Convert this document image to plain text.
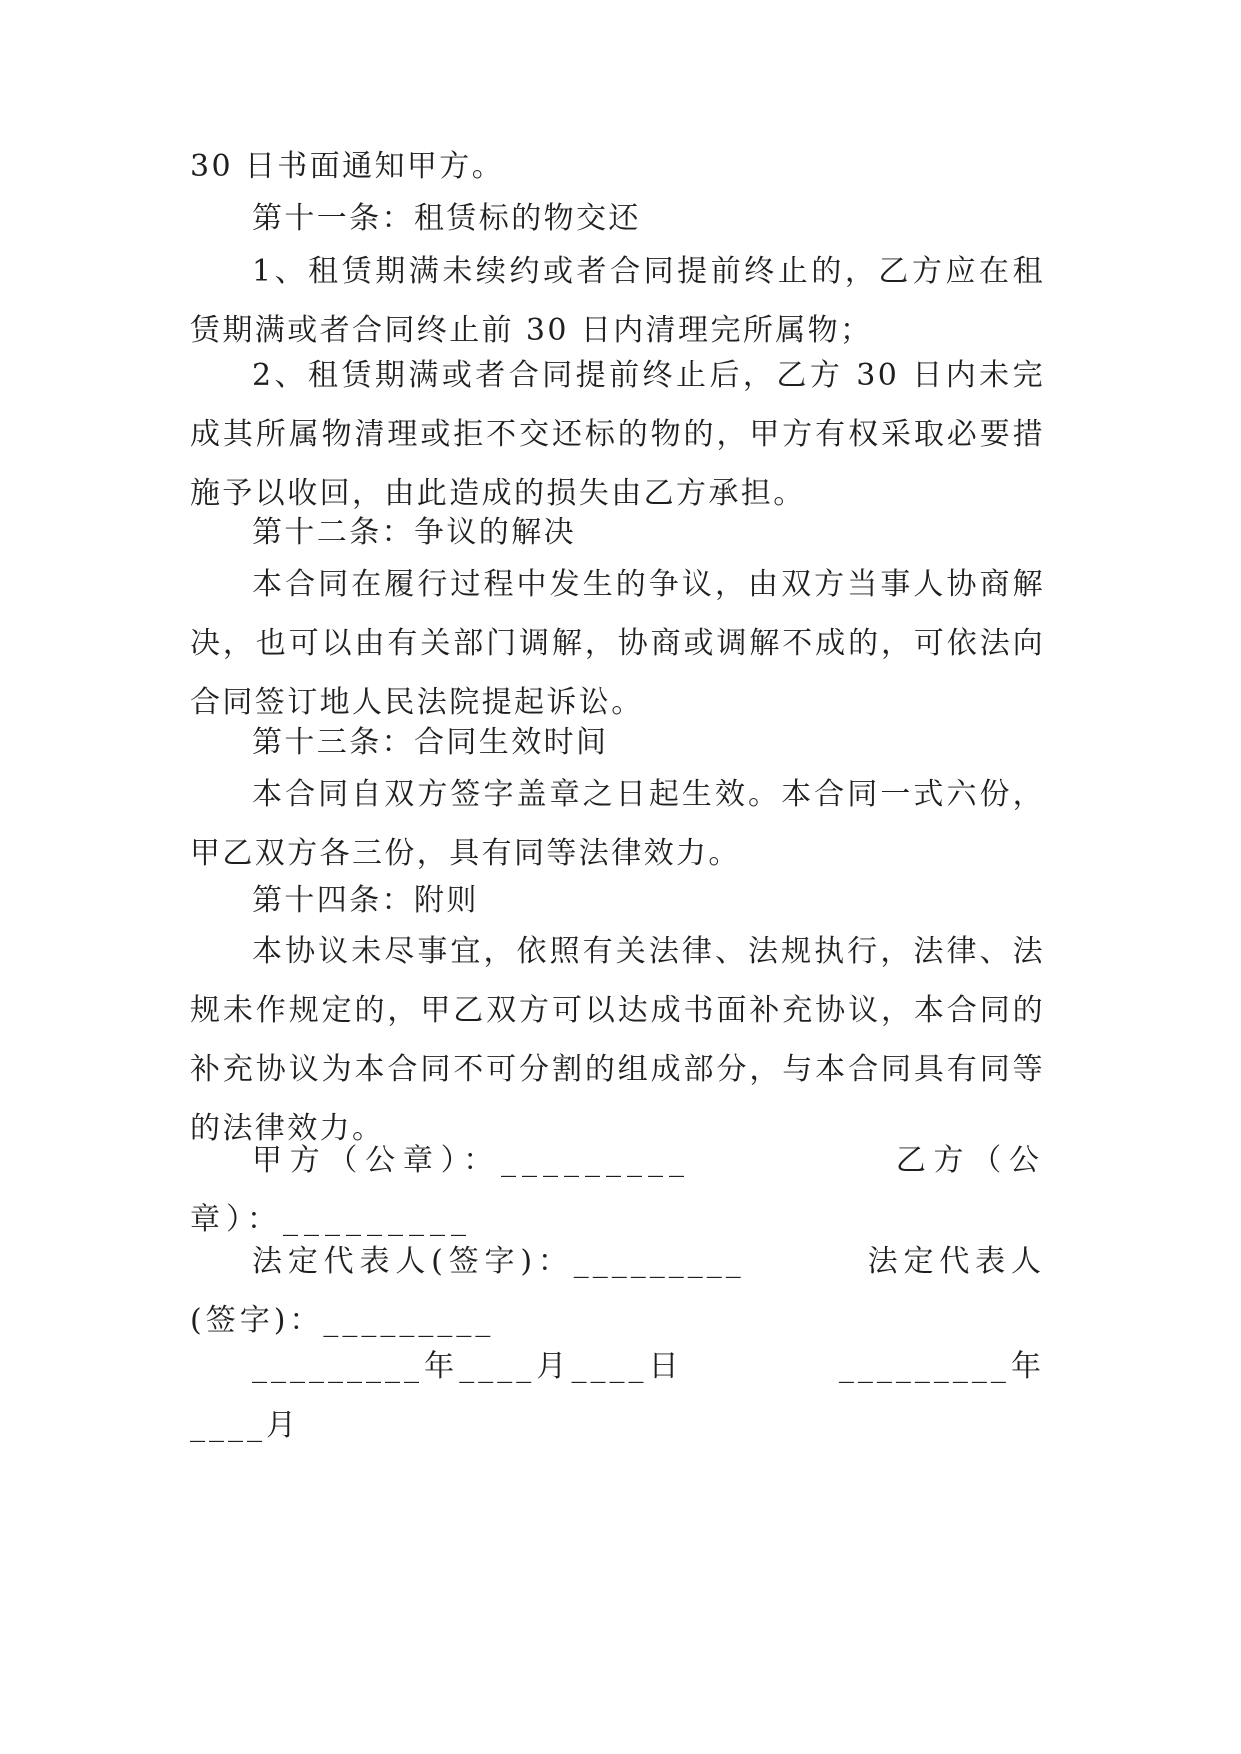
30 日书面通知甲方。

第十一条：租赁标的物交还

1、租赁期满未续约或者合同提前终止的，乙方应在租赁期满或者合同终止前 30 日内清理完所属物；

2、租赁期满或者合同提前终止后，乙方 30 日内未完成其所属物清理或拒不交还标的物的，甲方有权采取必要措施予以收回，由此造成的损失由乙方承担。

第十二条：争议的解决

本合同在履行过程中发生的争议，由双方当事人协商解决，也可以由有关部门调解，协商或调解不成的，可依法向合同签订地人民法院提起诉讼。

第十三条：合同生效时间

本合同自双方签字盖章之日起生效。本合同一式六份，甲乙双方各三份，具有同等法律效力。

第十四条：附则

本协议未尽事宜，依照有关法律、法规执行，法律、法规未作规定的，甲乙双方可以达成书面补充协议，本合同的补充协议为本合同不可分割的组成部分，与本合同具有同等的法律效力。

甲方（公章）：_________ 　　　　　乙方（公章）：_________

法定代表人(签字)：_________ 　　　法定代表人(签字)：_________

_________年____月____日 　　　　_________年____月
